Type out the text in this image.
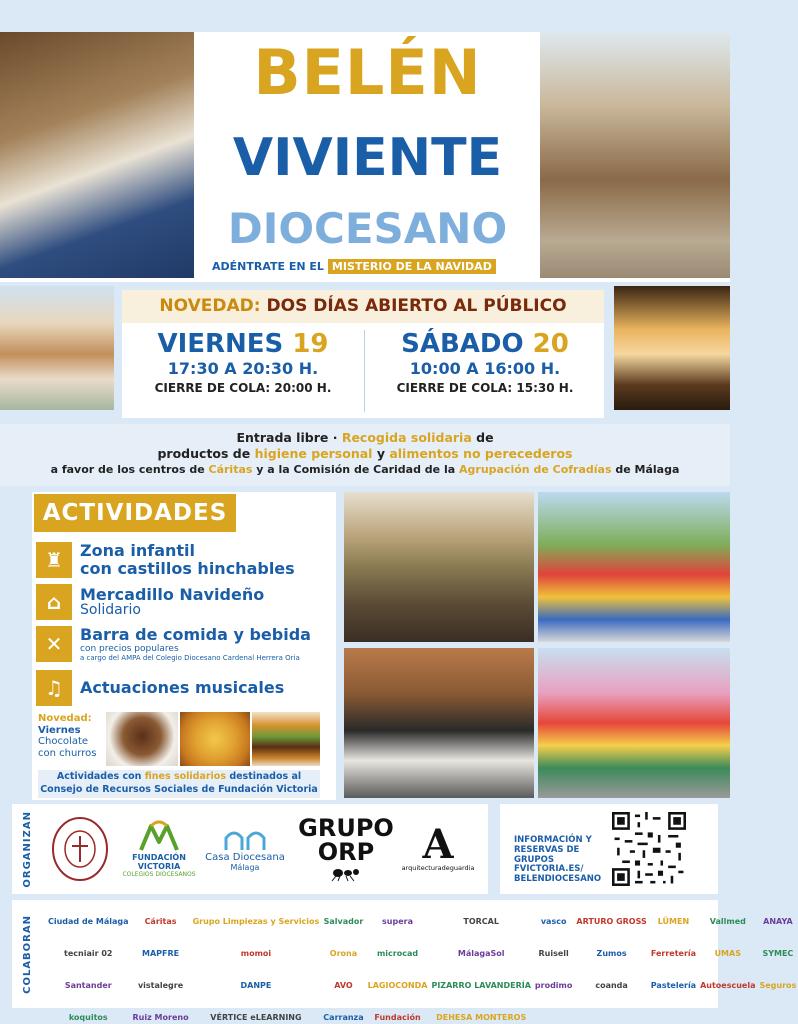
BELÉN
VIVIENTE
DIOCESANO
ADÉNTRATE EN EL MISTERIO DE LA NAVIDAD
NOVEDAD: DOS DÍAS ABIERTO AL PÚBLICO
VIERNES 19
17:30 A 20:30 H.
CIERRE DE COLA: 20:00 H.
SÁBADO 20
10:00 A 16:00 H.
CIERRE DE COLA: 15:30 H.

Entrada libre · Recogida solidaria de

productos de higiene personal y alimentos no perecederos

a favor de los centros de Cáritas y a la Comisión de Caridad de la Agrupación de Cofradías de Málaga

ACTIVIDADES
♜	Zona infantil
con castillos hinchables
⌂	Mercadillo Navideño
Solidario
✕	Barra de comida y bebida
con precios populares
a cargo del AMPA del Colegio Diocesano Cardenal Herrera Oria
♫	Actuaciones musicales
Novedad:
Viernes
Chocolate con churros
Actividades con fines solidarios destinados al
Consejo de Recursos Sociales de Fundación Victoria
ORGANIZAN	FUNDACIÓN VICTORIA
COLEGIOS DIOCESANOS
Casa Diocesana
Málaga
GRUPO ORP	A
arquitecturadeguardia
INFORMACIÓN Y RESERVAS DE GRUPOS FVICTORIA.ES/ BELENDIOCESANO
COLABORAN Ciudad de Málaga	Cáritas	Grupo Limpiezas y Servicios Salvador	supera	TORCAL	vasco	ARTURO GROSS	LÜMEN	Vallmed	ANAYA
tecniair 02	MAPFRE	momoi	Orona	microcad	MálagaSol	Ruisell	Zumos	Ferretería	UMAS	SYMEC
Santander	vistalegre	DANPE	AVO	LAGIOCONDA PIZARRO LAVANDERÍA prodimo	coanda	Pastelería Autoescuela Seguros
koquitos	Ruiz Moreno	VÉRTICE eLEARNING	Carranza	Fundación	DEHESA MONTEROS
